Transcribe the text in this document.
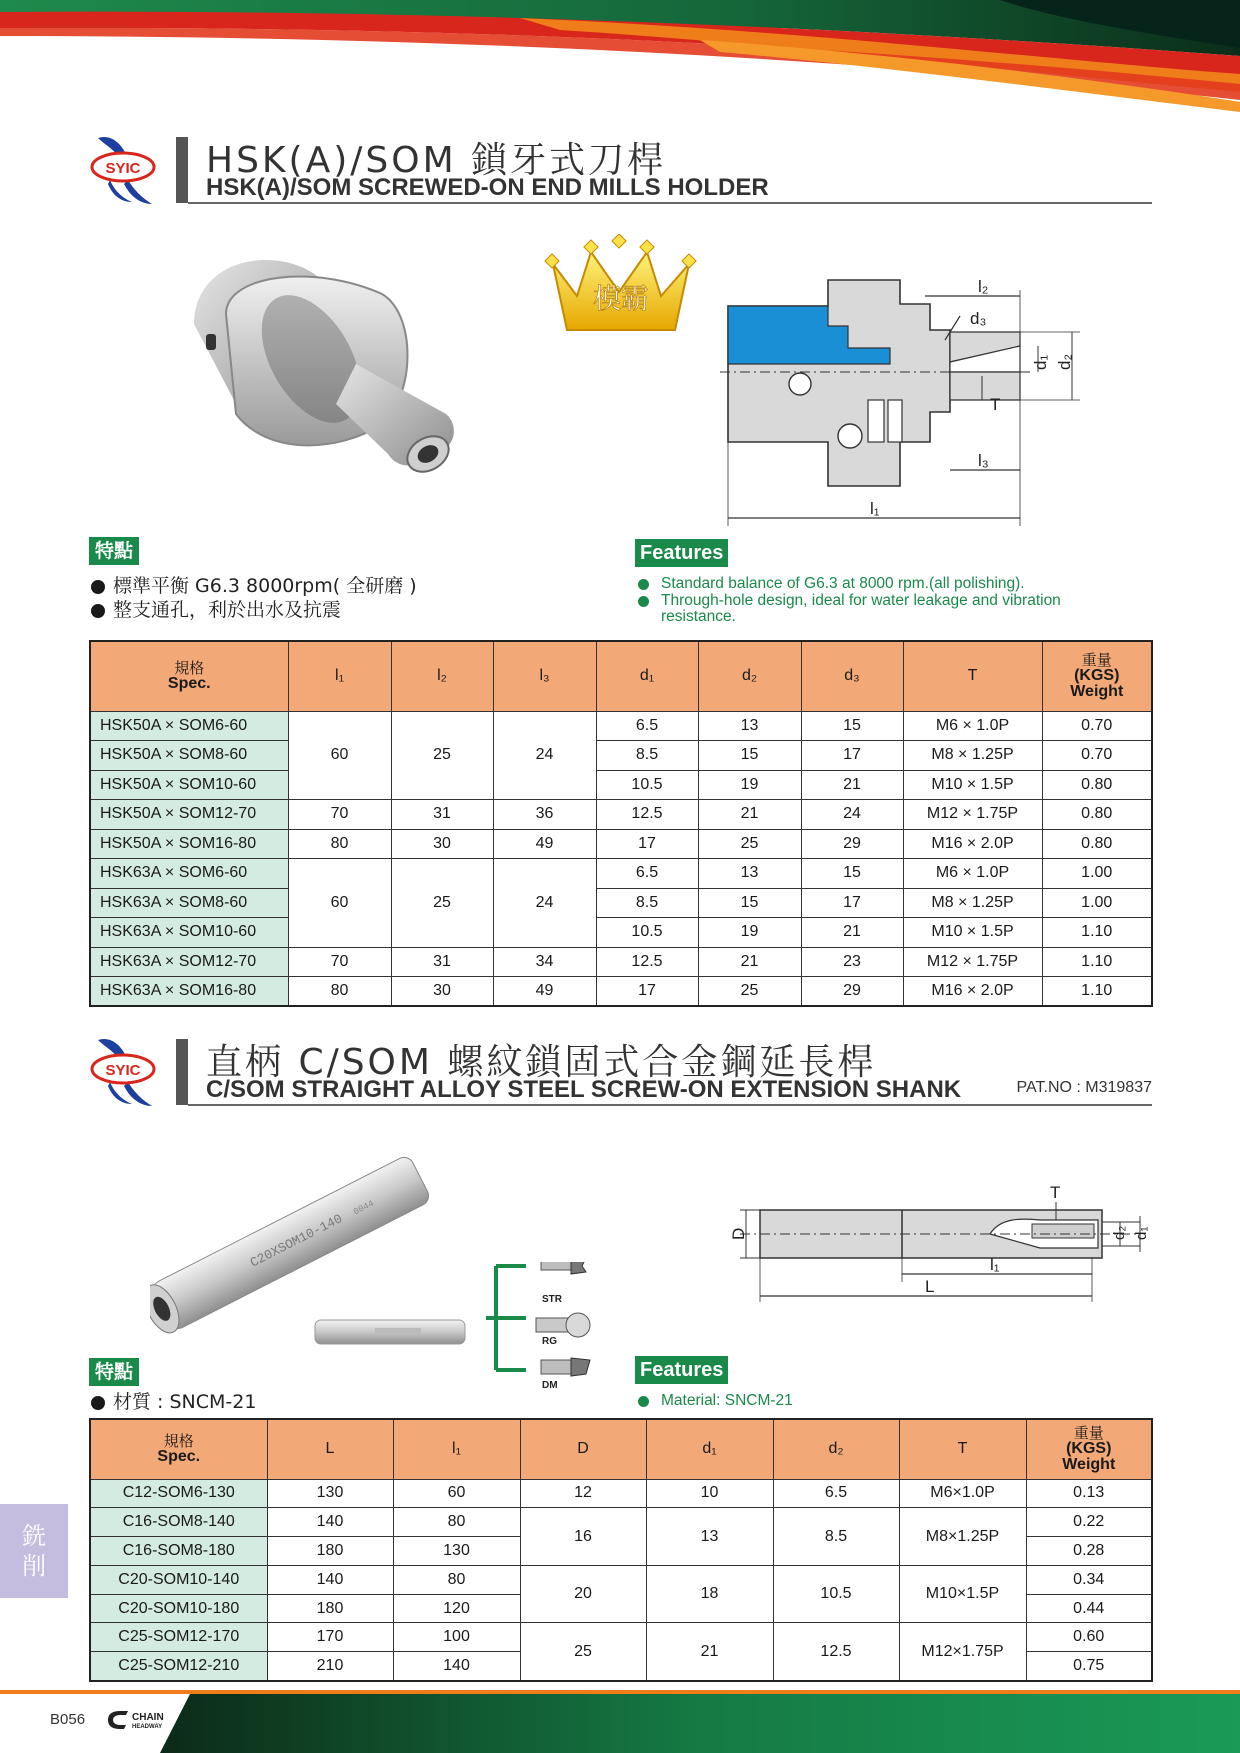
SYIC HSK(A)/SOM 鎖牙式刀桿
HSK(A)/SOM SCREWED-ON END MILLS HOLDER
模霸	l₂
d₃
T
d₁ d₂
l₃
l₁
特點
標準平衡 G6.3 8000rpm( 全研磨 )
整支通孔，利於出水及抗震
Features
Standard balance of G6.3 at 8000 rpm.(all polishing).
Through-hole design, ideal for water leakage and vibration resistance.
規格
Spec.	l₁	l₂	l₃	d₁	d₂	d₃	T	重量
(KGS)
Weight

HSK50A × SOM6-60	60	25	24	6.5	13	15	M6 × 1.0P	0.70
HSK50A × SOM8-60				8.5	15	17	M8 × 1.25P	0.70
HSK50A × SOM10-60				10.5	19	21	M10 × 1.5P	0.80
HSK50A × SOM12-70	70	31	36	12.5	21	24	M12 × 1.75P	0.80
HSK50A × SOM16-80	80	30	49	17	25	29	M16 × 2.0P	0.80
HSK63A × SOM6-60	60	25	24	6.5	13	15	M6 × 1.0P	1.00
HSK63A × SOM8-60				8.5	15	17	M8 × 1.25P	1.00
HSK63A × SOM10-60				10.5	19	21	M10 × 1.5P	1.10
HSK63A × SOM12-70	70	31	34	12.5	21	23	M12 × 1.75P	1.10
HSK63A × SOM16-80	80	30	49	17	25	29	M16 × 2.0P	1.10
SYIC 直柄 C/SOM 螺紋鎖固式合金鋼延長桿
C/SOM STRAIGHT ALLOY STEEL SCREW-ON EXTENSION SHANK	PAT.NO : M319837
C20XSOM10-140
0044
STR
RG
DM
D
T
d₂ d₁
l₁
L
特點
材質 : SNCM-21
Features
Material: SNCM-21
規格
Spec.	L	l₁	D	d₁	d₂	T	重量
(KGS)
Weight

C12-SOM6-130	130	60	12	10	6.5	M6×1.0P	0.13
C16-SOM8-140	140	80	16	13	8.5	M8×1.25P	0.22
C16-SOM8-180	180	130					0.28
C20-SOM10-140	140	80	20	18	10.5	M10×1.5P	0.34
C20-SOM10-180	180	120					0.44
C25-SOM12-170	170	100	25	21	12.5	M12×1.75P	0.60
C25-SOM12-210	210	140					0.75
銑
削
B056	CHAIN
HEADWAY
